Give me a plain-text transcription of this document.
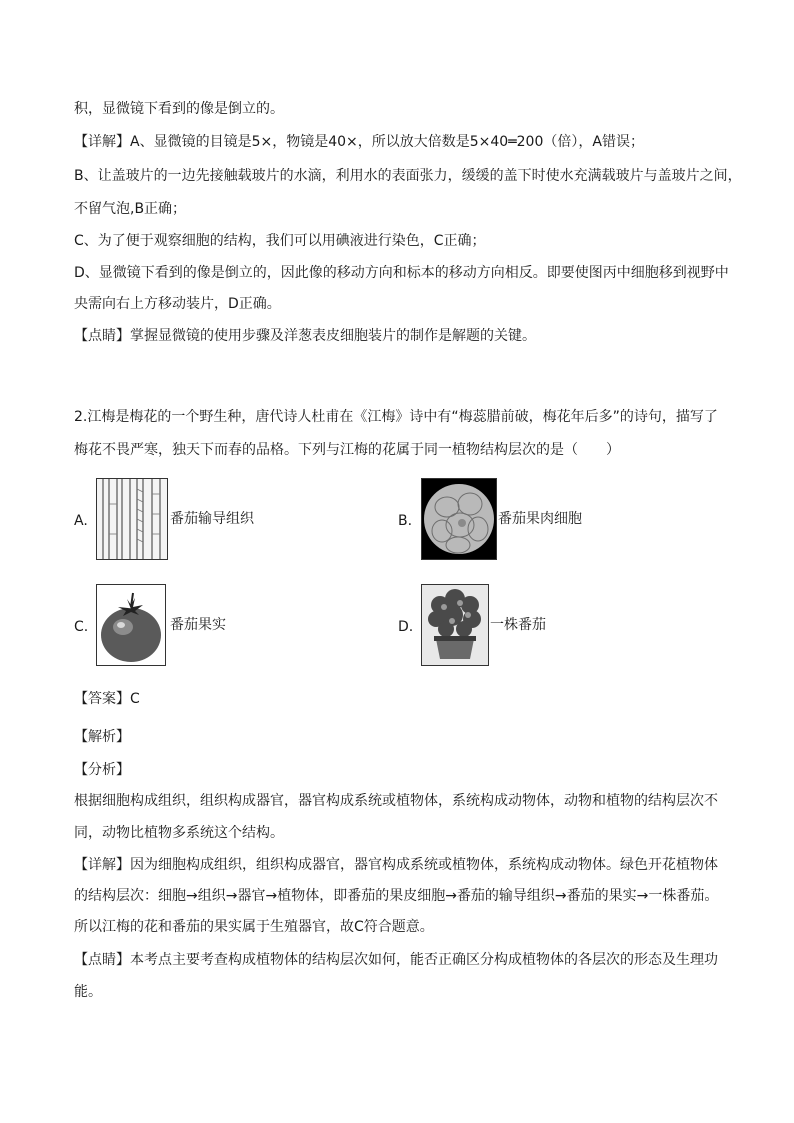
积，显微镜下看到的像是倒立的。
【详解】A、显微镜的目镜是5×，物镜是40×，所以放大倍数是5×40═200（倍），A错误；
B、让盖玻片的一边先接触载玻片的水滴，利用水的表面张力，缓缓的盖下时使水充满载玻片与盖玻片之间，
不留气泡,B正确；
C、为了便于观察细胞的结构，我们可以用碘液进行染色，C正确；
D、显微镜下看到的像是倒立的，因此像的移动方向和标本的移动方向相反。即要使图丙中细胞移到视野中
央需向右上方移动装片，D正确。
【点睛】掌握显微镜的使用步骤及洋葱表皮细胞装片的制作是解题的关键。
2.江梅是梅花的一个野生种，唐代诗人杜甫在《江梅》诗中有“梅蕊腊前破，梅花年后多”的诗句，描写了
梅花不畏严寒，独天下而春的品格。下列与江梅的花属于同一植物结构层次的是（　　）
A.	番茄输导组织	B.	番茄果肉细胞
C.	番茄果实	D.	一株番茄
【答案】C
【解析】
【分析】
根据细胞构成组织，组织构成器官，器官构成系统或植物体，系统构成动物体，动物和植物的结构层次不
同，动物比植物多系统这个结构。
【详解】因为细胞构成组织，组织构成器官，器官构成系统或植物体，系统构成动物体。绿色开花植物体
的结构层次：细胞→组织→器官→植物体，即番茄的果皮细胞→番茄的输导组织→番茄的果实→一株番茄。
所以江梅的花和番茄的果实属于生殖器官，故C符合题意。
【点睛】本考点主要考查构成植物体的结构层次如何，能否正确区分构成植物体的各层次的形态及生理功
能。
